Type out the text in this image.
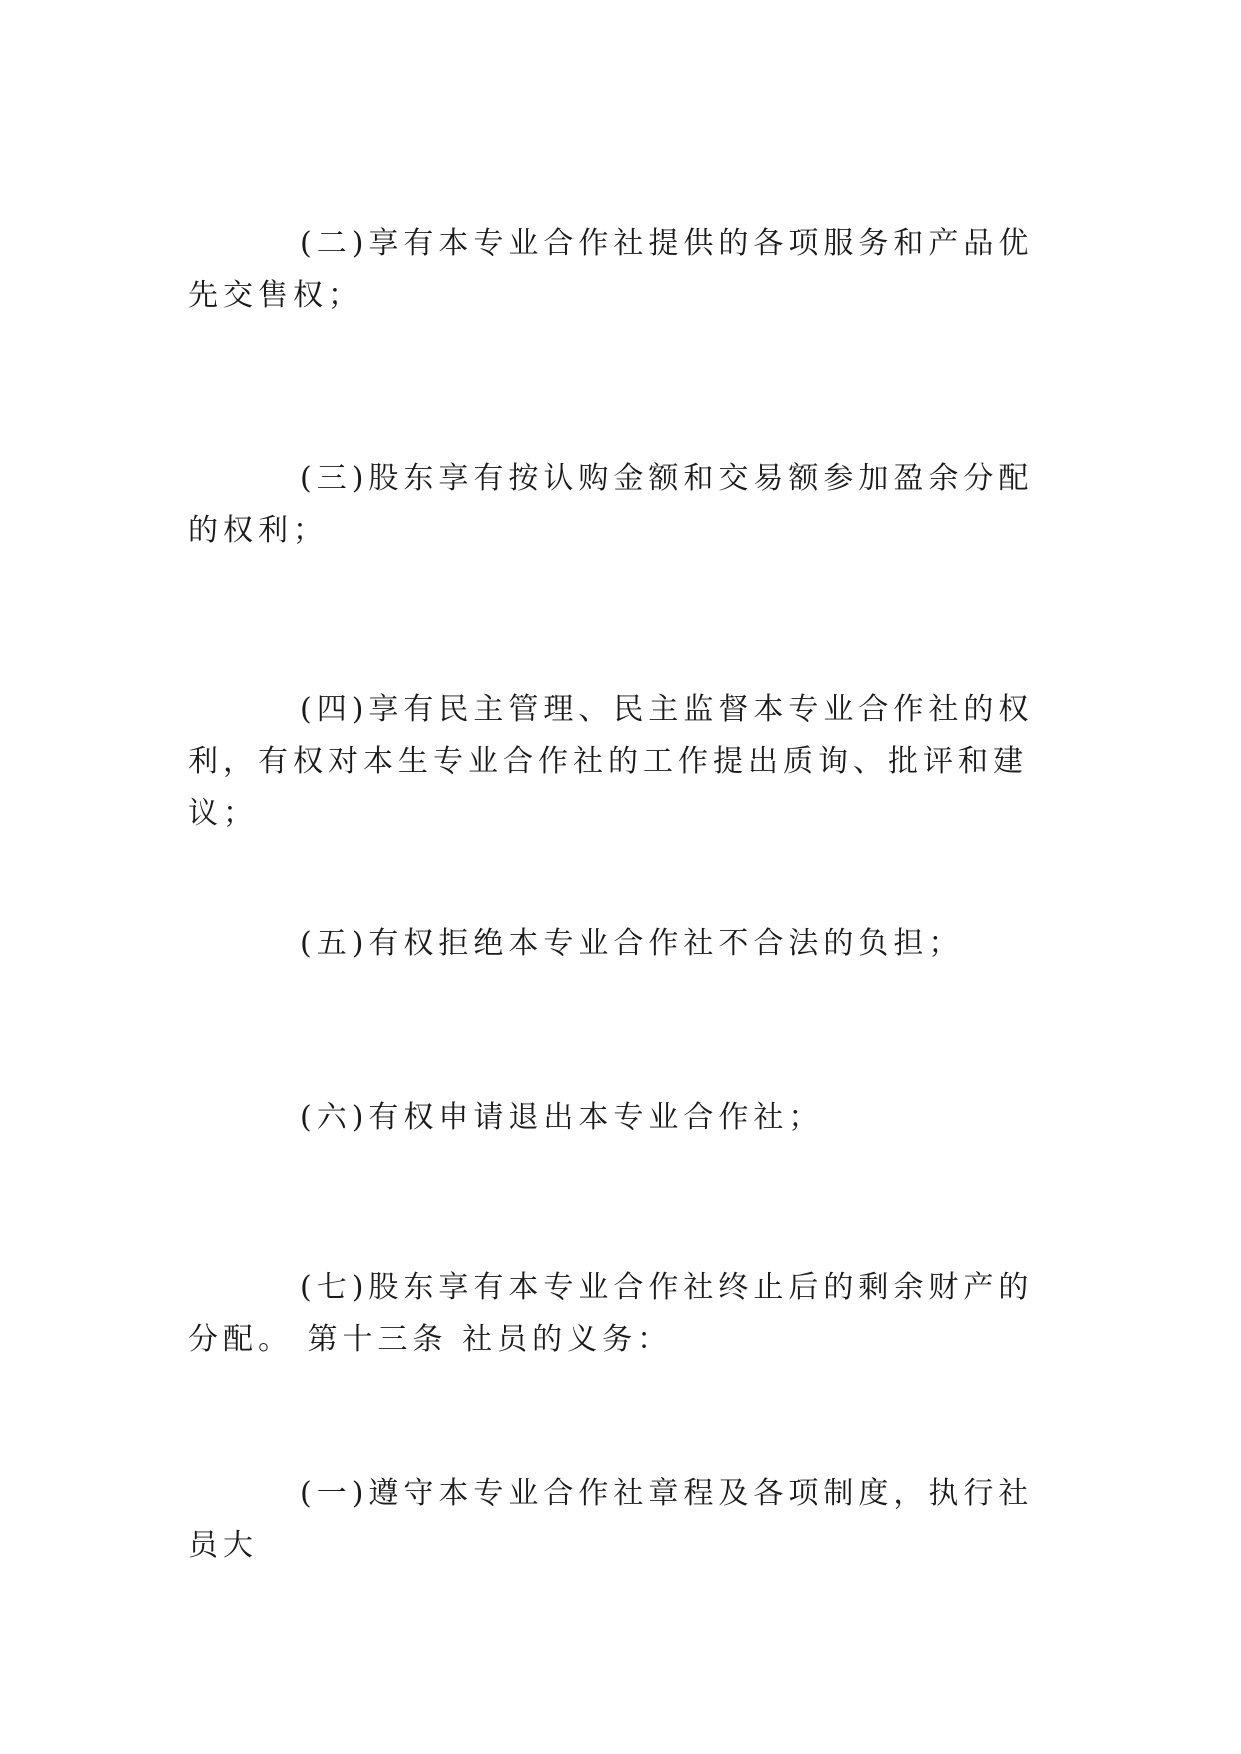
(二)享有本专业合作社提供的各项服务和产品优先交售权；

(三)股东享有按认购金额和交易额参加盈余分配的权利；

(四)享有民主管理、民主监督本专业合作社的权利，有权对本生专业合作社的工作提出质询、批评和建议；

(五)有权拒绝本专业合作社不合法的负担；

(六)有权申请退出本专业合作社；

(七)股东享有本专业合作社终止后的剩余财产的分配。 第十三条 社员的义务：

(一)遵守本专业合作社章程及各项制度，执行社员大
